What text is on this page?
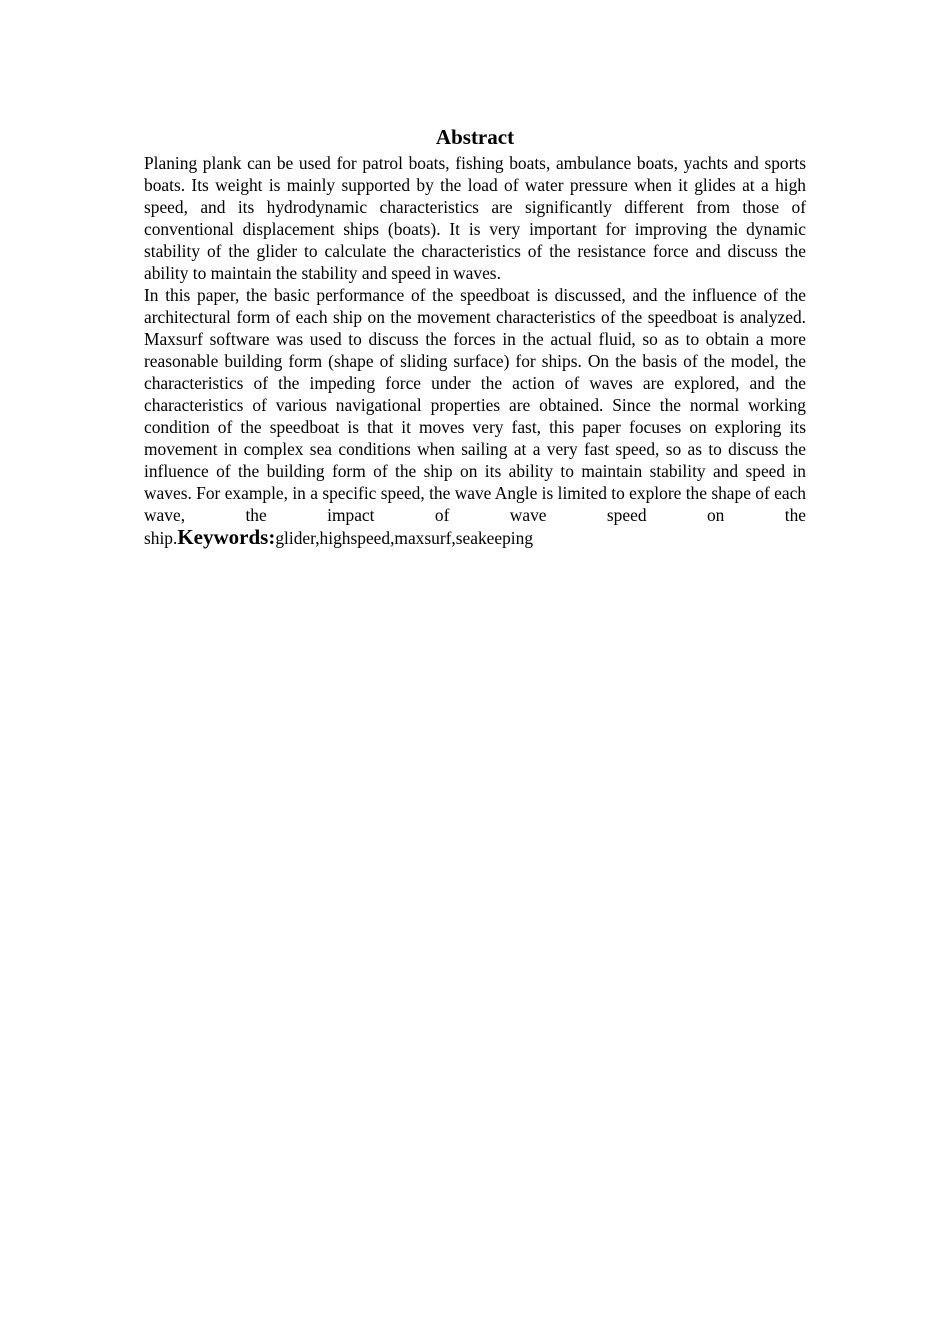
Abstract

Planing plank can be used for patrol boats, fishing boats, ambulance boats, yachts and sports boats. Its weight is mainly supported by the load of water pressure when it glides at a high speed, and its hydrodynamic characteristics are significantly different from those of conventional displacement ships (boats). It is very important for improving the dynamic stability of the glider to calculate the characteristics of the resistance force and discuss the ability to maintain the stability and speed in waves.

In this paper, the basic performance of the speedboat is discussed, and the influence of the architectural form of each ship on the movement characteristics of the speedboat is analyzed. Maxsurf software was used to discuss the forces in the actual fluid, so as to obtain a more reasonable building form (shape of sliding surface) for ships. On the basis of the model, the characteristics of the impeding force under the action of waves are explored, and the characteristics of various navigational properties are obtained. Since the normal working condition of the speedboat is that it moves very fast, this paper focuses on exploring its movement in complex sea conditions when sailing at a very fast speed, so as to discuss the influence of the building form of the ship on its ability to maintain stability and speed in waves. For example, in a specific speed, the wave Angle is limited to explore the shape of each wave, the impact of wave speed on the ship.Keywords:glider,highspeed,maxsurf,seakeeping
